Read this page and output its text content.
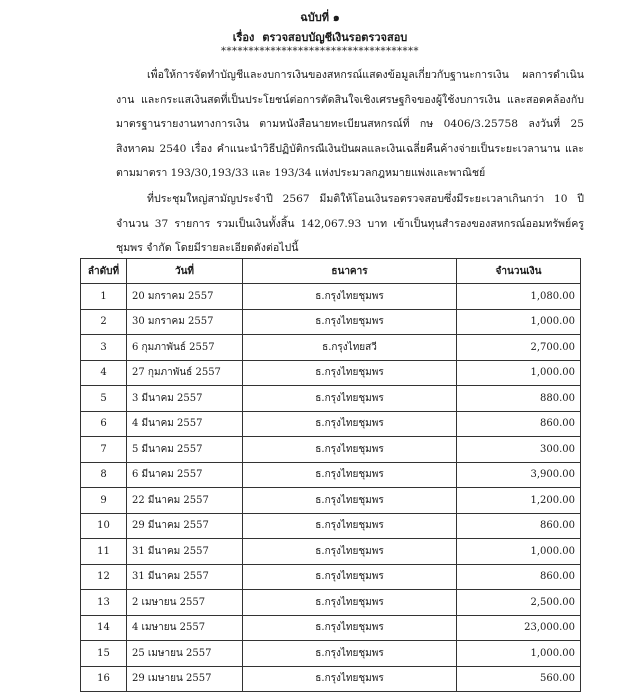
ฉบับที่ ๑
เรื่อง ตรวจสอบบัญชีเงินรอตรวจสอบ
************************************

เพื่อให้การจัดทำบัญชีและงบการเงินของสหกรณ์แสดงข้อมูลเกี่ยวกับฐานะการเงิน ผลการดำเนินงาน และกระแสเงินสดที่เป็นประโยชน์ต่อการตัดสินใจเชิงเศรษฐกิจของผู้ใช้งบการเงิน และสอดคล้องกับมาตรฐานรายงานทางการเงิน ตามหนังสือนายทะเบียนสหกรณ์ที่ กษ 0406/3.25758 ลงวันที่ 25 สิงหาคม 2540 เรื่อง คำแนะนำวิธีปฏิบัติกรณีเงินปันผลและเงินเฉลี่ยคืนค้างจ่ายเป็นระยะเวลานาน และตามมาตรา 193/30,193/33 และ 193/34 แห่งประมวลกฎหมายแพ่งและพาณิชย์

ที่ประชุมใหญ่สามัญประจำปี 2567 มีมติให้โอนเงินรอตรวจสอบซึ่งมีระยะเวลาเกินกว่า 10 ปี จำนวน 37 รายการ รวมเป็นเงินทั้งสิ้น 142,067.93 บาท เข้าเป็นทุนสำรองของสหกรณ์ออมทรัพย์ครูชุมพร จำกัด โดยมีรายละเอียดดังต่อไปนี้

ลำดับที่	วันที่	ธนาคาร	จำนวนเงิน
1	20 มกราคม 2557	ธ.กรุงไทยชุมพร	1,080.00
2	30 มกราคม 2557	ธ.กรุงไทยชุมพร	1,000.00
3	6 กุมภาพันธ์ 2557	ธ.กรุงไทยสวี	2,700.00
4	27 กุมภาพันธ์ 2557	ธ.กรุงไทยชุมพร	1,000.00
5	3 มีนาคม 2557	ธ.กรุงไทยชุมพร	880.00
6	4 มีนาคม 2557	ธ.กรุงไทยชุมพร	860.00
7	5 มีนาคม 2557	ธ.กรุงไทยชุมพร	300.00
8	6 มีนาคม 2557	ธ.กรุงไทยชุมพร	3,900.00
9	22 มีนาคม 2557	ธ.กรุงไทยชุมพร	1,200.00
10	29 มีนาคม 2557	ธ.กรุงไทยชุมพร	860.00
11	31 มีนาคม 2557	ธ.กรุงไทยชุมพร	1,000.00
12	31 มีนาคม 2557	ธ.กรุงไทยชุมพร	860.00
13	2 เมษายน 2557	ธ.กรุงไทยชุมพร	2,500.00
14	4 เมษายน 2557	ธ.กรุงไทยชุมพร	23,000.00
15	25 เมษายน 2557	ธ.กรุงไทยชุมพร	1,000.00
16	29 เมษายน 2557	ธ.กรุงไทยชุมพร	560.00
